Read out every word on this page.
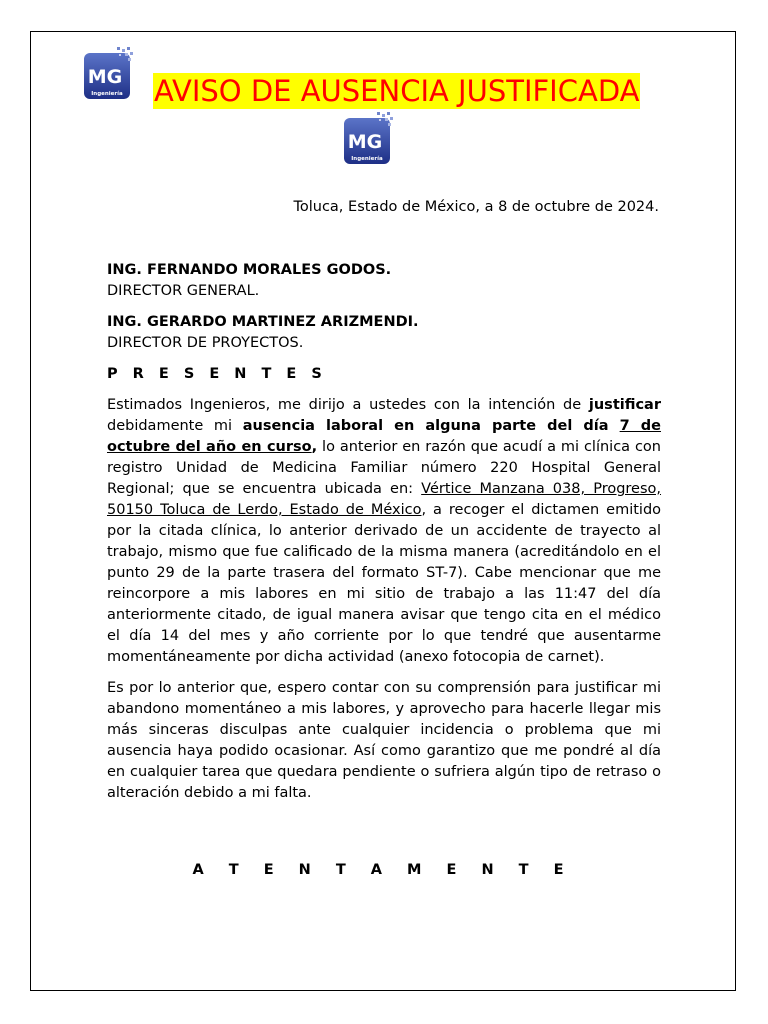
MG
Ingeniería AVISO DE AUSENCIA JUSTIFICADA
MG
Ingeniería
Toluca, Estado de México, a 8 de octubre de 2024.

ING. FERNANDO MORALES GODOS.

DIRECTOR GENERAL.

ING. GERARDO MARTINEZ ARIZMENDI.

DIRECTOR DE PROYECTOS.

P R E S E N T E S

Estimados Ingenieros, me dirijo a ustedes con la intención de justificar debidamente mi ausencia laboral en alguna parte del día 7 de octubre del año en curso, lo anterior en razón que acudí a mi clínica con registro Unidad de Medicina Familiar número 220 Hospital General Regional; que se encuentra ubicada en: Vértice Manzana 038, Progreso, 50150 Toluca de Lerdo, Estado de México, a recoger el dictamen emitido por la citada clínica, lo anterior derivado de un accidente de trayecto al trabajo, mismo que fue calificado de la misma manera (acreditándolo en el punto 29 de la parte trasera del formato ST-7). Cabe mencionar que me reincorpore a mis labores en mi sitio de trabajo a las 11:47 del día anteriormente citado, de igual manera avisar que tengo cita en el médico el día 14 del mes y año corriente por lo que tendré que ausentarme momentáneamente por dicha actividad (anexo fotocopia de carnet).

Es por lo anterior que, espero contar con su comprensión para justificar mi abandono momentáneo a mis labores, y aprovecho para hacerle llegar mis más sinceras disculpas ante cualquier incidencia o problema que mi ausencia haya podido ocasionar. Así como garantizo que me pondré al día en cualquier tarea que quedara pendiente o sufriera algún tipo de retraso o alteración debido a mi falta.

A T E N T A M E N T E
